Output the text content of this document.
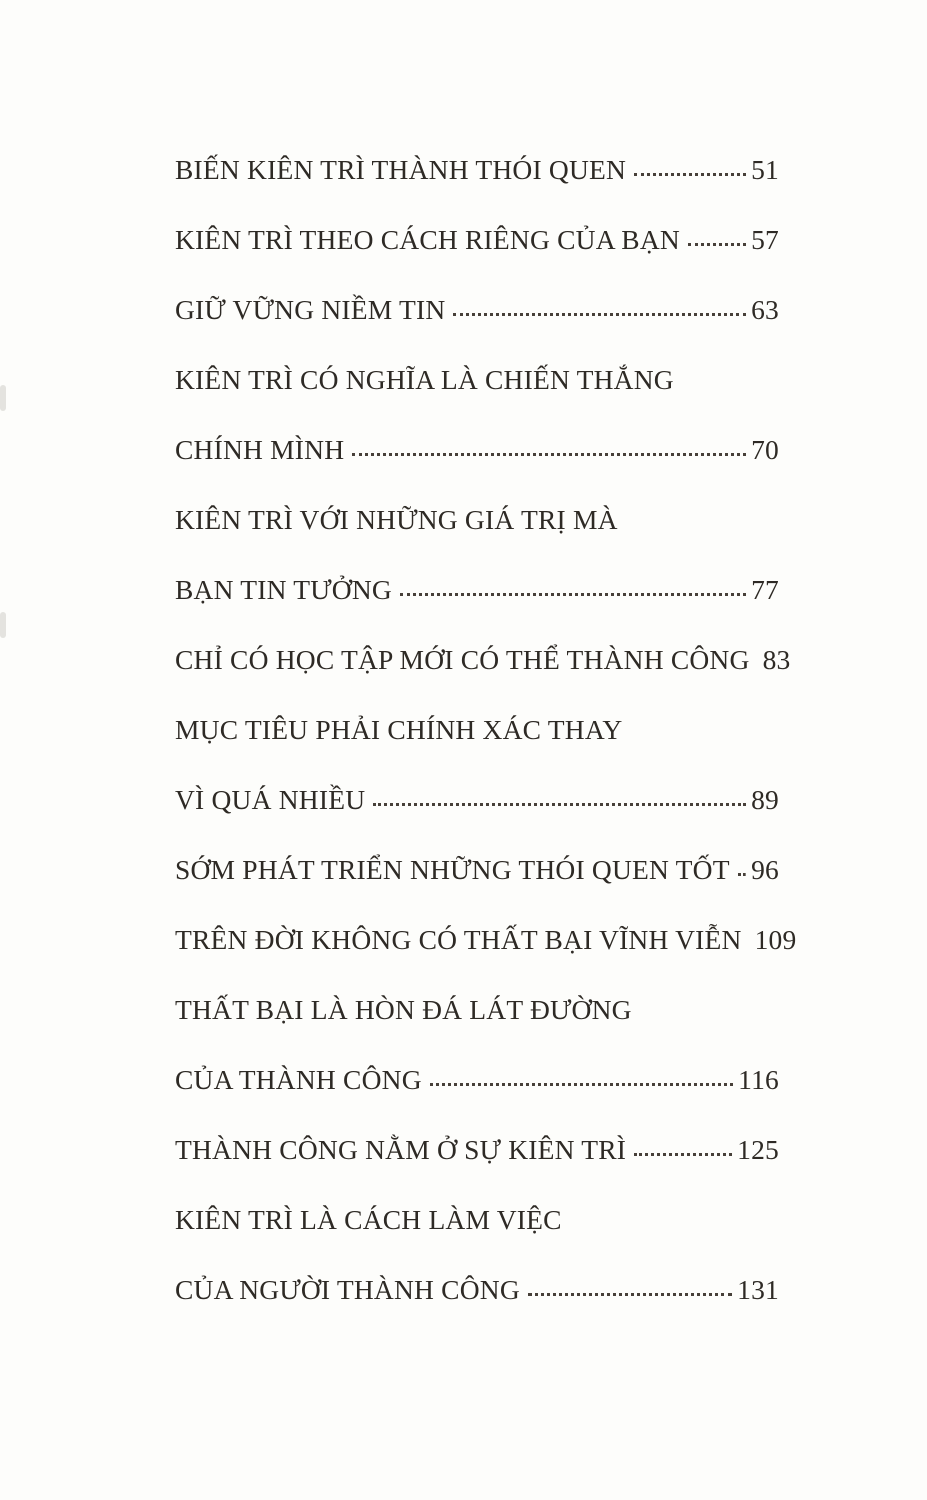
BIẾN KIÊN TRÌ THÀNH THÓI QUEN	51
KIÊN TRÌ THEO CÁCH RIÊNG CỦA BẠN	57
GIỮ VỮNG NIỀM TIN	63
KIÊN TRÌ CÓ NGHĨA LÀ CHIẾN THẮNG
CHÍNH MÌNH	70
KIÊN TRÌ VỚI NHỮNG GIÁ TRỊ MÀ
BẠN TIN TƯỞNG	77
CHỈ CÓ HỌC TẬP MỚI CÓ THỂ THÀNH CÔNG 83
MỤC TIÊU PHẢI CHÍNH XÁC THAY
VÌ QUÁ NHIỀU	89
SỚM PHÁT TRIỂN NHỮNG THÓI QUEN TỐT 96
TRÊN ĐỜI KHÔNG CÓ THẤT BẠI VĨNH VIỄN 109
THẤT BẠI LÀ HÒN ĐÁ LÁT ĐƯỜNG
CỦA THÀNH CÔNG	116
THÀNH CÔNG NẰM Ở SỰ KIÊN TRÌ	125
KIÊN TRÌ LÀ CÁCH LÀM VIỆC
CỦA NGƯỜI THÀNH CÔNG	131
